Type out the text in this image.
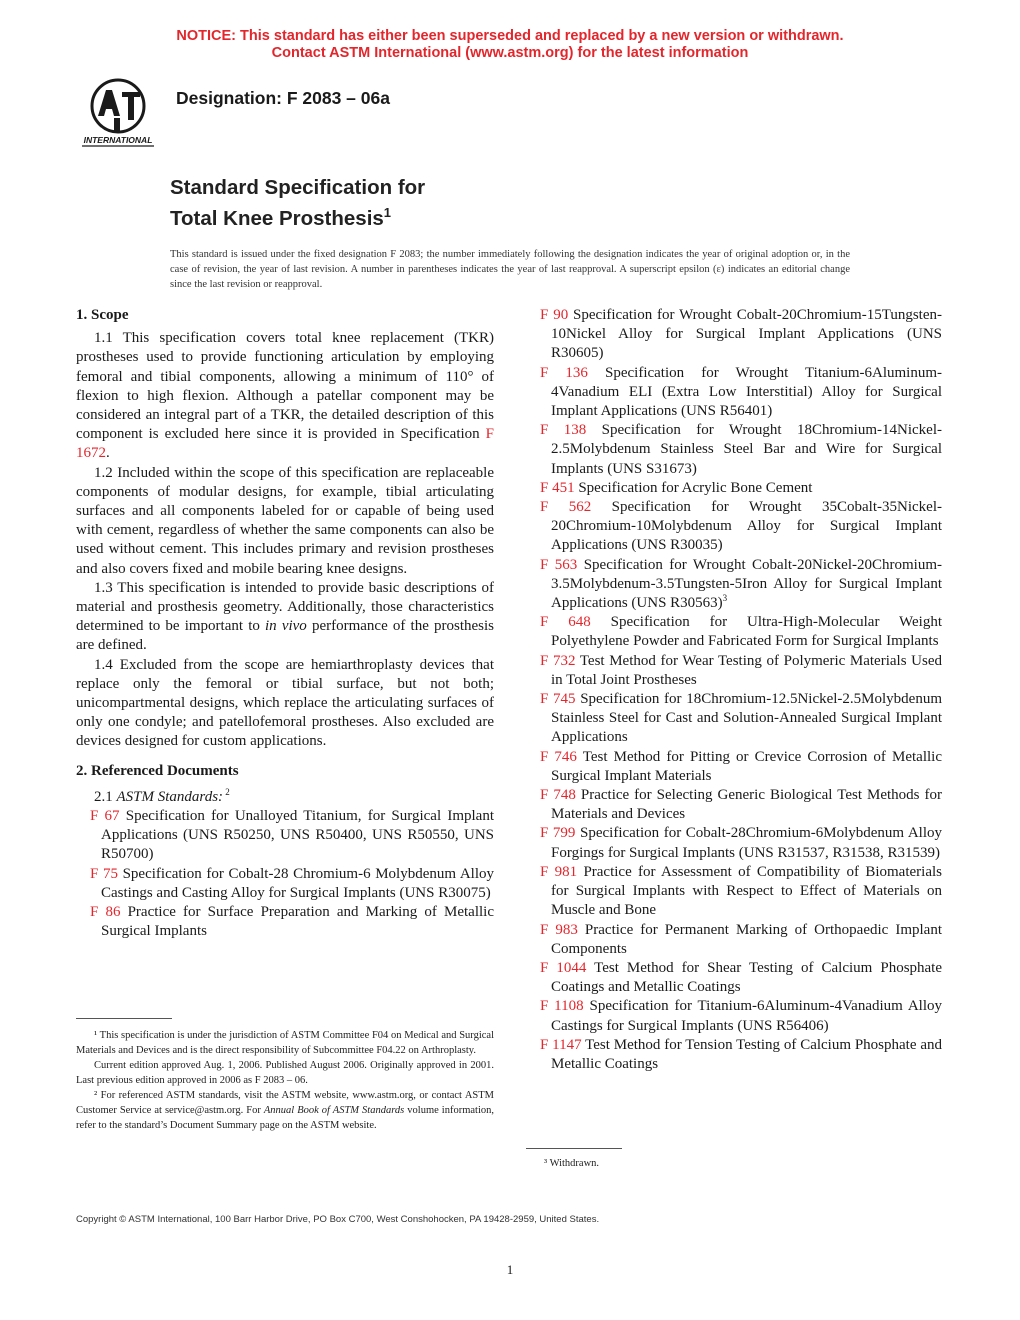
NOTICE: This standard has either been superseded and replaced by a new version or withdrawn.
Contact ASTM International (www.astm.org) for the latest information
INTERNATIONAL
Designation: F 2083 – 06a
Standard Specification for
Total Knee Prosthesis$^1$
This standard is issued under the fixed designation F 2083; the number immediately following the designation indicates the year of original adoption or, in the case of revision, the year of last revision. A number in parentheses indicates the year of last reapproval. A superscript epsilon (ε) indicates an editorial change since the last revision or reapproval.

1. Scope

1.1 This specification covers total knee replacement (TKR) prostheses used to provide functioning articulation by employing femoral and tibial components, allowing a minimum of 110° of flexion to high flexion. Although a patellar component may be considered an integral part of a TKR, the detailed description of this component is excluded here since it is provided in Specification F 1672.

1.2 Included within the scope of this specification are replaceable components of modular designs, for example, tibial articulating surfaces and all components labeled for or capable of being used with cement, regardless of whether the same components can also be used without cement. This includes primary and revision prostheses and also covers fixed and mobile bearing knee designs.

1.3 This specification is intended to provide basic descriptions of material and prosthesis geometry. Additionally, those characteristics determined to be important to in vivo performance of the prosthesis are defined.

1.4 Excluded from the scope are hemiarthroplasty devices that replace only the femoral or tibial surface, but not both; unicompartmental designs, which replace the articulating surfaces of only one condyle; and patellofemoral prostheses. Also excluded are devices designed for custom applications.

2. Referenced Documents

2.1 ASTM Standards: $^2$

F 67 Specification for Unalloyed Titanium, for Surgical Implant Applications (UNS R50250, UNS R50400, UNS R50550, UNS R50700)

F 75 Specification for Cobalt-28 Chromium-6 Molybdenum Alloy Castings and Casting Alloy for Surgical Implants (UNS R30075)

F 86 Practice for Surface Preparation and Marking of Metallic Surgical Implants

¹ This specification is under the jurisdiction of ASTM Committee F04 on Medical and Surgical Materials and Devices and is the direct responsibility of Subcommittee F04.22 on Arthroplasty.

Current edition approved Aug. 1, 2006. Published August 2006. Originally approved in 2001. Last previous edition approved in 2006 as F 2083 – 06.

² For referenced ASTM standards, visit the ASTM website, www.astm.org, or contact ASTM Customer Service at service@astm.org. For Annual Book of ASTM Standards volume information, refer to the standard’s Document Summary page on the ASTM website.

F 90 Specification for Wrought Cobalt-20Chromium-15Tungsten-10Nickel Alloy for Surgical Implant Applications (UNS R30605)

F 136 Specification for Wrought Titanium-6Aluminum-4Vanadium ELI (Extra Low Interstitial) Alloy for Surgical Implant Applications (UNS R56401)

F 138 Specification for Wrought 18Chromium-14Nickel-2.5Molybdenum Stainless Steel Bar and Wire for Surgical Implants (UNS S31673)

F 451 Specification for Acrylic Bone Cement

F 562 Specification for Wrought 35Cobalt-35Nickel-20Chromium-10Molybdenum Alloy for Surgical Implant Applications (UNS R30035)

F 563 Specification for Wrought Cobalt-20Nickel-20Chromium-3.5Molybdenum-3.5Tungsten-5Iron Alloy for Surgical Implant Applications (UNS R30563)$^3$

F 648 Specification for Ultra-High-Molecular Weight Polyethylene Powder and Fabricated Form for Surgical Implants

F 732 Test Method for Wear Testing of Polymeric Materials Used in Total Joint Prostheses

F 745 Specification for 18Chromium-12.5Nickel-2.5Molybdenum Stainless Steel for Cast and Solution-Annealed Surgical Implant Applications

F 746 Test Method for Pitting or Crevice Corrosion of Metallic Surgical Implant Materials

F 748 Practice for Selecting Generic Biological Test Methods for Materials and Devices

F 799 Specification for Cobalt-28Chromium-6Molybdenum Alloy Forgings for Surgical Implants (UNS R31537, R31538, R31539)

F 981 Practice for Assessment of Compatibility of Biomaterials for Surgical Implants with Respect to Effect of Materials on Muscle and Bone

F 983 Practice for Permanent Marking of Orthopaedic Implant Components

F 1044 Test Method for Shear Testing of Calcium Phosphate Coatings and Metallic Coatings

F 1108 Specification for Titanium-6Aluminum-4Vanadium Alloy Castings for Surgical Implants (UNS R56406)

F 1147 Test Method for Tension Testing of Calcium Phosphate and Metallic Coatings

³ Withdrawn.

Copyright © ASTM International, 100 Barr Harbor Drive, PO Box C700, West Conshohocken, PA 19428-2959, United States.
1
